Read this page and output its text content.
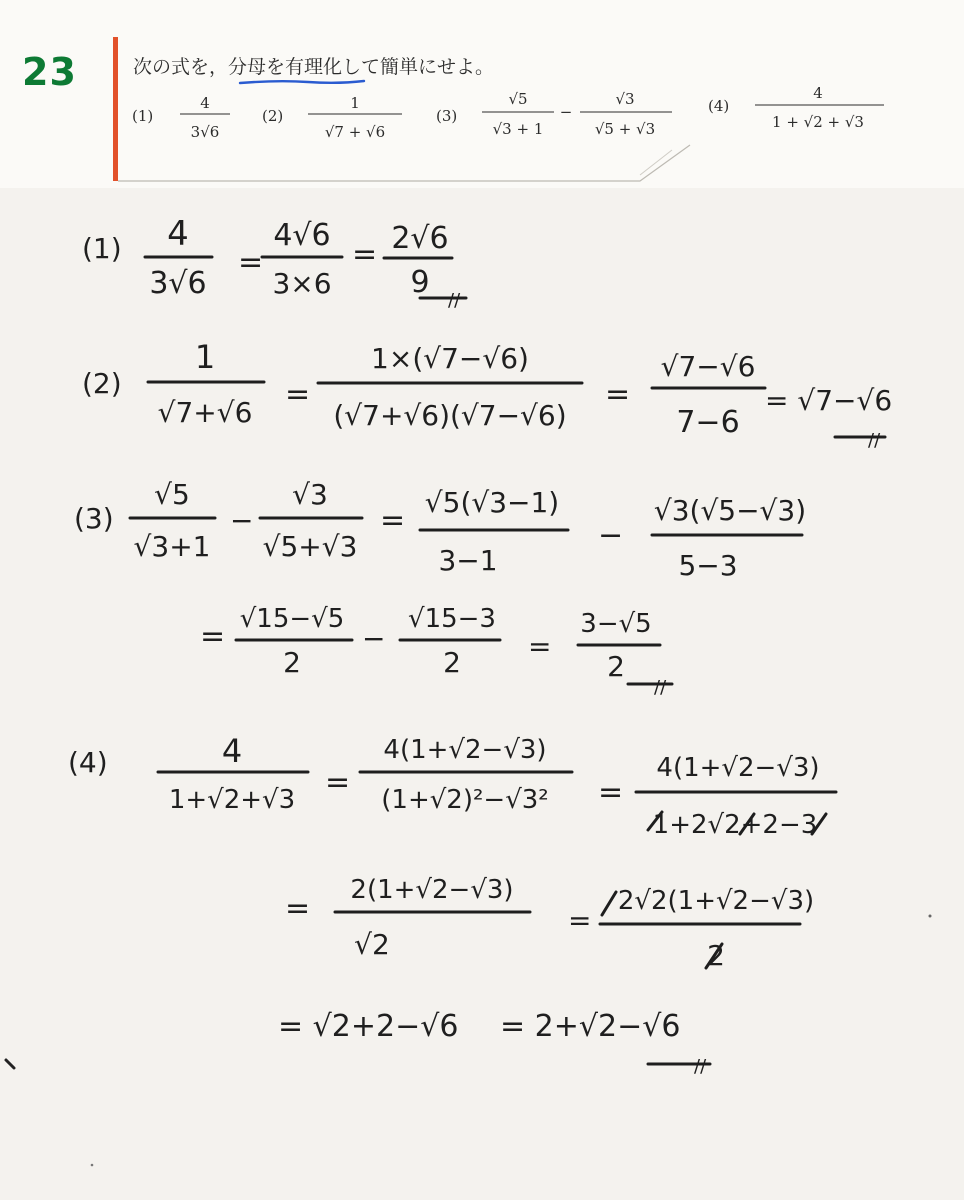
23	次の式を，分母を有理化して簡単にせよ。
(1)
4
3√6
(2)
1
√7 + √6
(3)
√5
√3 + 1
−
√3
√5 + √3
(4)
4
1 + √2 + √3
(1) 4
3√6
=
4√6
3×6
= 2√6
9
//
(2)
1
√7+√6
=
1×(√7−√6)
(√7+√6)(√7−√6)
=
√7−√6
7−6
= √7−√6
//
(3)
√5
√3+1
−
√3
√5+√3
=
√5(√3−1)
3−1
−
√3(√5−√3)
5−3
= √15−√5
2
−
√15−3
2 =
3−√5
2
//
(4)	4
1+√2+√3 =
4(1+√2−√3)
(1+√2)²−√3² =
4(1+√2−√3)
1+2√2+2−3
=
2(1+√2−√3)
√2
=
2√2(1+√2−√3)
2
= √2+2−√6 = 2+√2−√6
//
